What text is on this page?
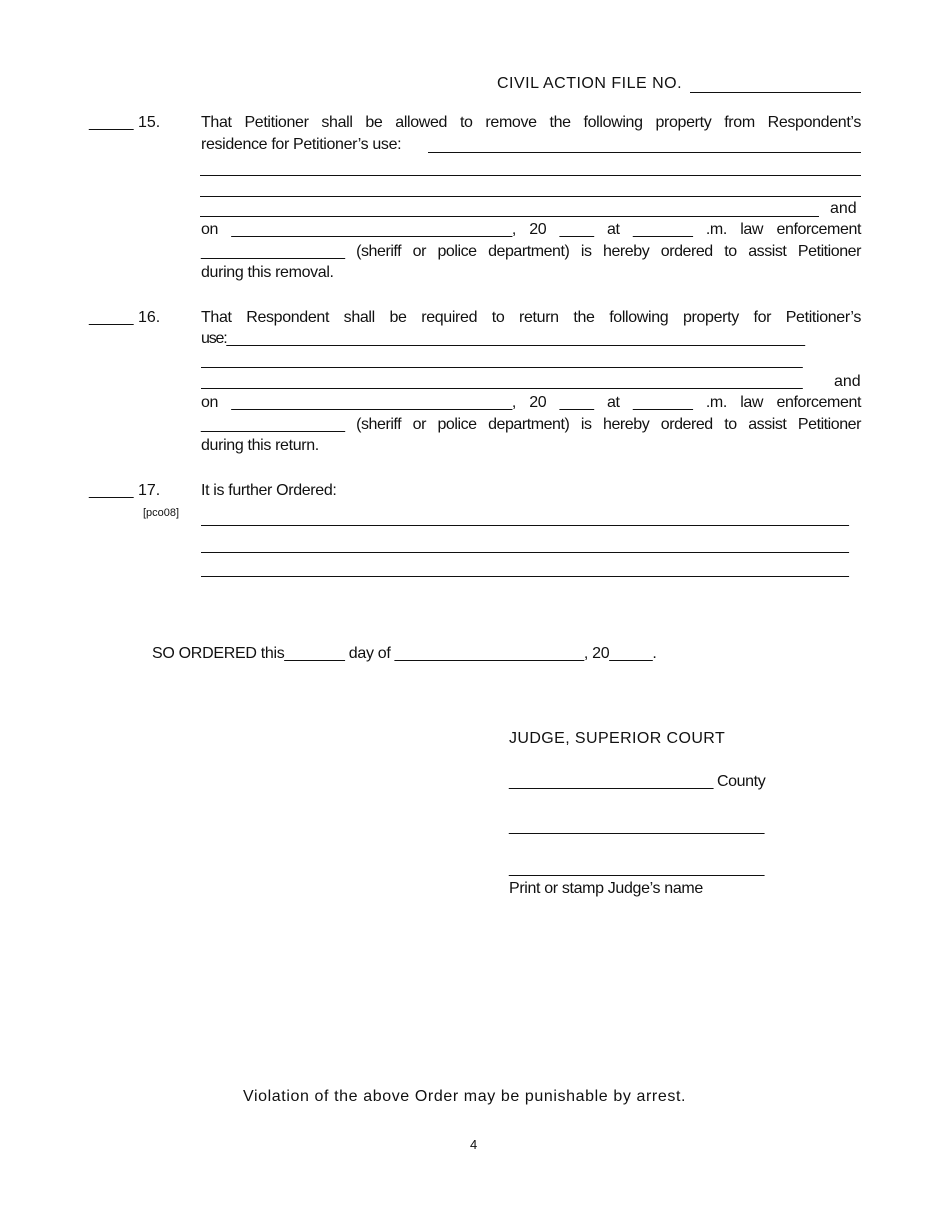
CIVIL ACTION FILE NO.
_____ 15.	That Petitioner shall be allowed to remove the following property from Respondent’s
residence for Petitioner’s use:
and
on _________________________________, 20 ____ at _______ .m. law enforcement
_________________ (sheriff or police department) is hereby ordered to assist Petitioner
during this removal.
_____ 16.	That Respondent shall be required to return the following property for Petitioner’s
use:___________________________________________________________________________
______________________________________________________________________________
______________________________________________________________________________	and
on _________________________________, 20 ____ at _______ .m. law enforcement
_________________ (sheriff or police department) is hereby ordered to assist Petitioner
during this return.
_____ 17.
[pco08]
It is further Ordered:
____________________________________________________________________________________
____________________________________________________________________________________
____________________________________________________________________________________
SO ORDERED this_______ day of ______________________, 20_____.
JUDGE, SUPERIOR COURT
________________________ County
______________________________
______________________________
Print or stamp Judge’s name
Violation of the above Order may be punishable by arrest.
4
